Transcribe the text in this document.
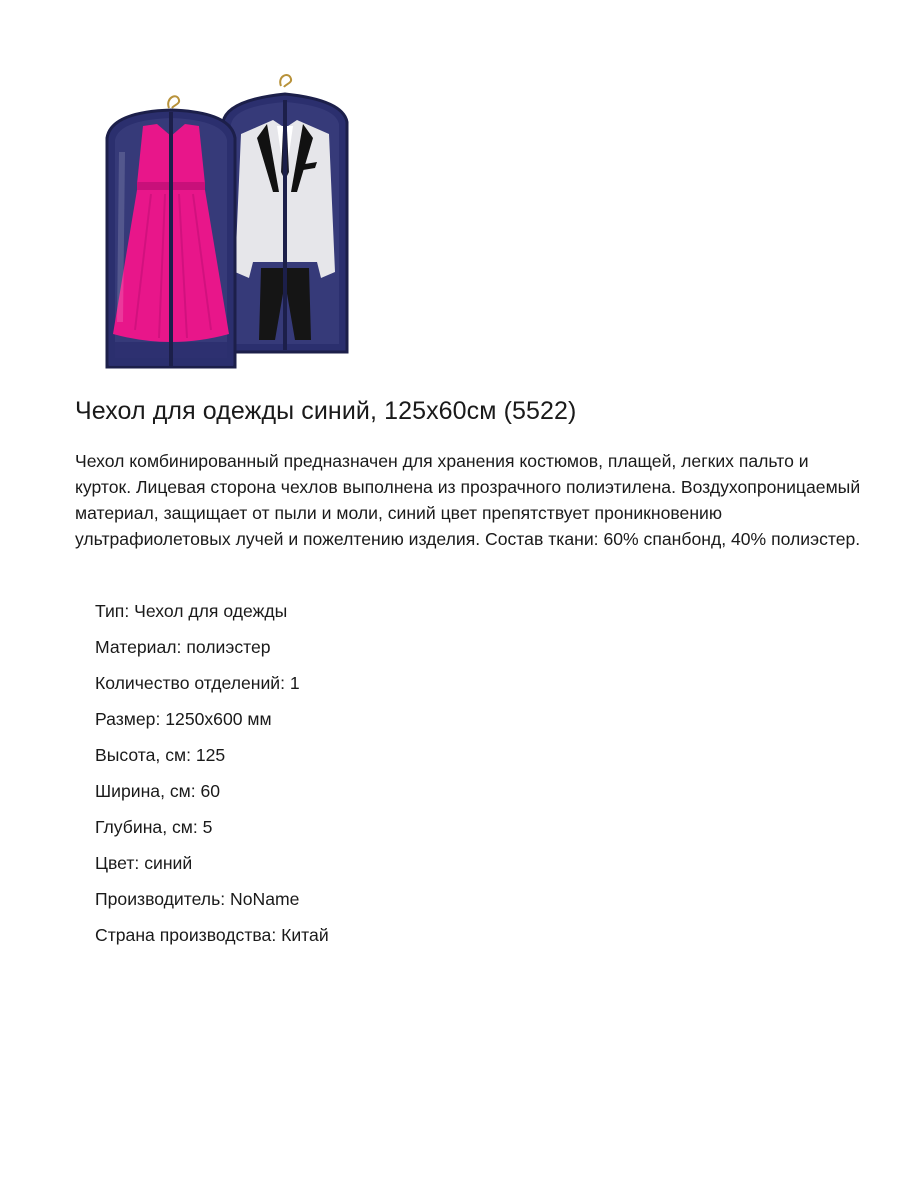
Чехол для одежды синий, 125х60см (5522)

Чехол комбинированный предназначен для хранения костюмов, плащей, легких пальто и курток. Лицевая сторона чехлов выполнена из прозрачного полиэтилена. Воздухопроницаемый материал, защищает от пыли и моли, синий цвет препятствует проникновению ультрафиолетовых лучей и пожелтению изделия. Состав ткани: 60% спанбонд, 40% полиэстер.

Тип: Чехол для одежды
Материал: полиэстер
Количество отделений: 1
Размер: 1250х600 мм
Высота, см: 125
Ширина, см: 60
Глубина, см: 5
Цвет: синий
Производитель: NoName
Страна производства: Китай
